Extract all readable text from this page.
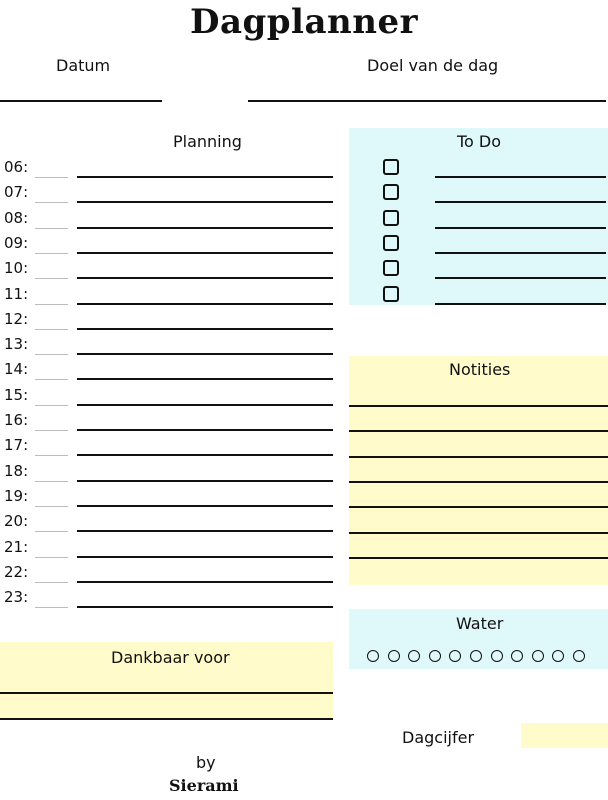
Dagplanner
Datum	Doel van de dag
Planning
06:
07:
08:
09:
10:
11:
12:
13:
14:
15:
16:
17:
18:
19:
20:
21:
22:
23:
To Do
Notities
Water
Dankbaar voor
Dagcijfer
by
Sierami
